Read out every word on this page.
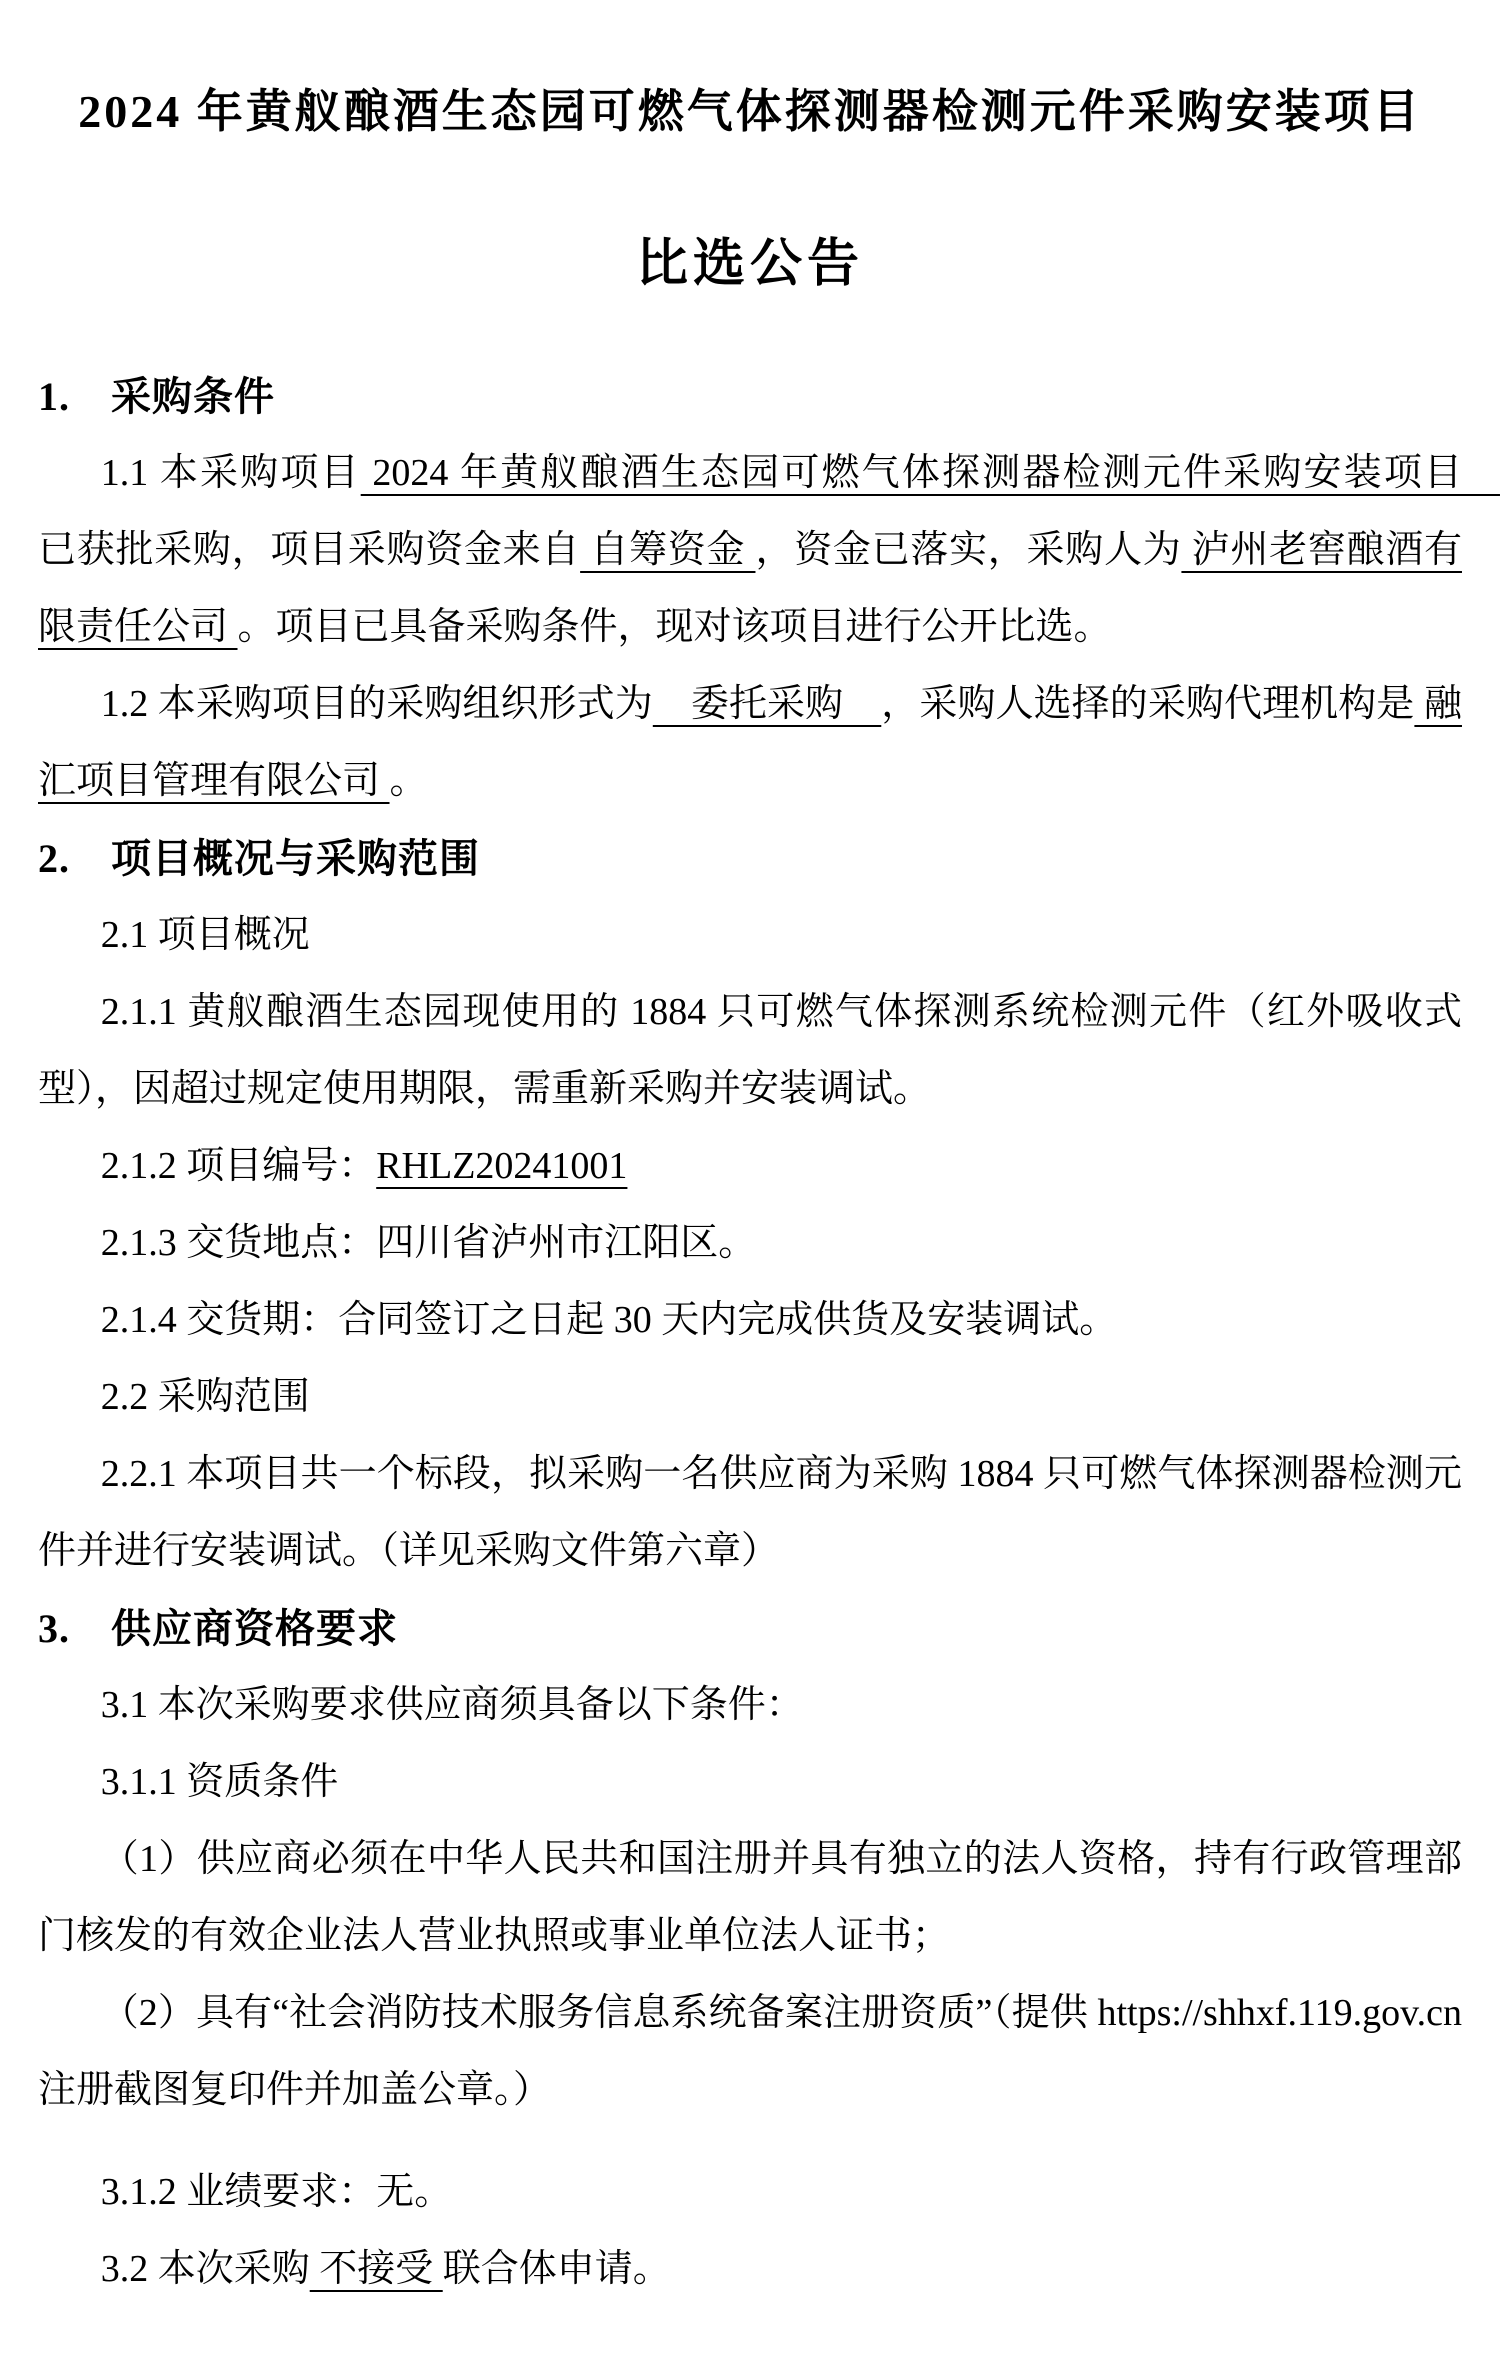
2024 年黄舣酿酒生态园可燃气体探测器检测元件采购安装项目
比选公告
1.　采购条件

1.1 本采购项目 2024 年黄舣酿酒生态园可燃气体探测器检测元件采购安装项目　已获批采购，项目采购资金来自 自筹资金 ，资金已落实，采购人为 泸州老窖酿酒有限责任公司 。项目已具备采购条件，现对该项目进行公开比选。

1.2 本采购项目的采购组织形式为　委托采购　，采购人选择的采购代理机构是 融汇项目管理有限公司 。

2.　项目概况与采购范围

2.1 项目概况

2.1.1 黄舣酿酒生态园现使用的 1884 只可燃气体探测系统检测元件（红外吸收式型），因超过规定使用期限，需重新采购并安装调试。

2.1.2 项目编号：RHLZ20241001

2.1.3 交货地点：四川省泸州市江阳区。

2.1.4 交货期：合同签订之日起 30 天内完成供货及安装调试。

2.2 采购范围

2.2.1 本项目共一个标段，拟采购一名供应商为采购 1884 只可燃气体探测器检测元件并进行安装调试。（详见采购文件第六章）

3.　供应商资格要求

3.1 本次采购要求供应商须具备以下条件：

3.1.1 资质条件

（1）供应商必须在中华人民共和国注册并具有独立的法人资格，持有行政管理部门核发的有效企业法人营业执照或事业单位法人证书；

（2）具有“社会消防技术服务信息系统备案注册资质”（提供 https://shhxf.119.gov.cn 注册截图复印件并加盖公章。）

3.1.2 业绩要求：无。

3.2 本次采购 不接受 联合体申请。
